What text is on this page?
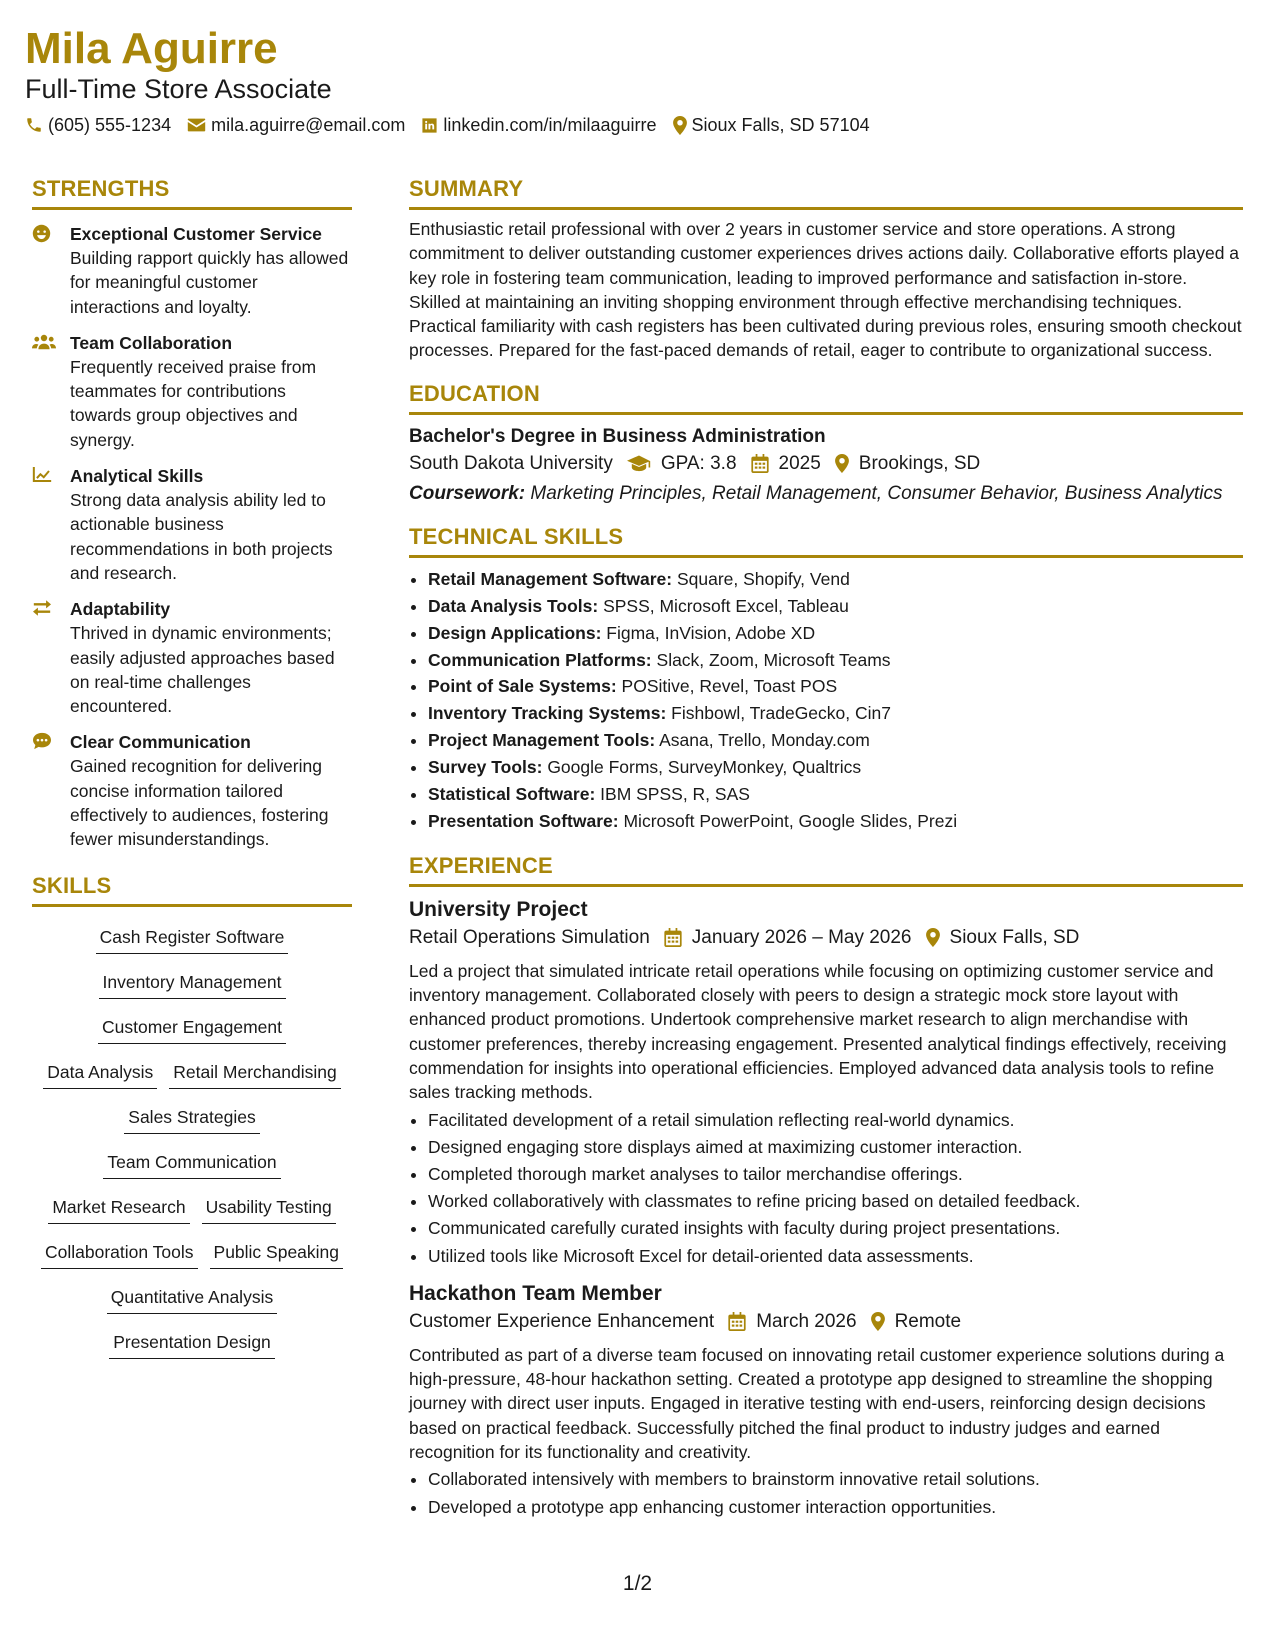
Mila Aguirre
Full-Time Store Associate
(605) 555-1234 mila.aguirre@email.com linkedin.com/in/milaaguirre Sioux Falls, SD 57104
STRENGTHS
Exceptional Customer Service
Building rapport quickly has allowed for meaningful customer interactions and loyalty.
Team Collaboration
Frequently received praise from teammates for contributions towards group objectives and synergy.
Analytical Skills
Strong data analysis ability led to actionable business recommendations in both projects and research.
Adaptability
Thrived in dynamic environments; easily adjusted approaches based on real-time challenges encountered.
Clear Communication
Gained recognition for delivering concise information tailored effectively to audiences, fostering fewer misunderstandings.
SKILLS
Cash Register Software
Inventory Management
Customer Engagement
Data Analysis Retail Merchandising
Sales Strategies
Team Communication
Market Research Usability Testing
Collaboration Tools Public Speaking
Quantitative Analysis
Presentation Design
SUMMARY
Enthusiastic retail professional with over 2 years in customer service and store operations. A strong commitment to deliver outstanding customer experiences drives actions daily. Collaborative efforts played a key role in fostering team communication, leading to improved performance and satisfaction in-store. Skilled at maintaining an inviting shopping environment through effective merchandising techniques. Practical familiarity with cash registers has been cultivated during previous roles, ensuring smooth checkout processes. Prepared for the fast-paced demands of retail, eager to contribute to organizational success.
EDUCATION
Bachelor's Degree in Business Administration
South Dakota University	GPA: 3.8 2025 Brookings, SD
Coursework: Marketing Principles, Retail Management, Consumer Behavior, Business Analytics
TECHNICAL SKILLS
• Retail Management Software: Square, Shopify, Vend
• Data Analysis Tools: SPSS, Microsoft Excel, Tableau
• Design Applications: Figma, InVision, Adobe XD
• Communication Platforms: Slack, Zoom, Microsoft Teams
• Point of Sale Systems: POSitive, Revel, Toast POS
• Inventory Tracking Systems: Fishbowl, TradeGecko, Cin7
• Project Management Tools: Asana, Trello, Monday.com
• Survey Tools: Google Forms, SurveyMonkey, Qualtrics
• Statistical Software: IBM SPSS, R, SAS
• Presentation Software: Microsoft PowerPoint, Google Slides, Prezi
EXPERIENCE
University Project
Retail Operations Simulation January 2026 – May 2026 Sioux Falls, SD
Led a project that simulated intricate retail operations while focusing on optimizing customer service and inventory management. Collaborated closely with peers to design a strategic mock store layout with enhanced product promotions. Undertook comprehensive market research to align merchandise with customer preferences, thereby increasing engagement. Presented analytical findings effectively, receiving commendation for insights into operational efficiencies. Employed advanced data analysis tools to refine sales tracking methods.
• Facilitated development of a retail simulation reflecting real-world dynamics.
• Designed engaging store displays aimed at maximizing customer interaction.
• Completed thorough market analyses to tailor merchandise offerings.
• Worked collaboratively with classmates to refine pricing based on detailed feedback.
• Communicated carefully curated insights with faculty during project presentations.
• Utilized tools like Microsoft Excel for detail-oriented data assessments.
Hackathon Team Member
Customer Experience Enhancement March 2026 Remote
Contributed as part of a diverse team focused on innovating retail customer experience solutions during a high-pressure, 48-hour hackathon setting. Created a prototype app designed to streamline the shopping journey with direct user inputs. Engaged in iterative testing with end-users, reinforcing design decisions based on practical feedback. Successfully pitched the final product to industry judges and earned recognition for its functionality and creativity.
• Collaborated intensively with members to brainstorm innovative retail solutions.
• Developed a prototype app enhancing customer interaction opportunities.
1/2
